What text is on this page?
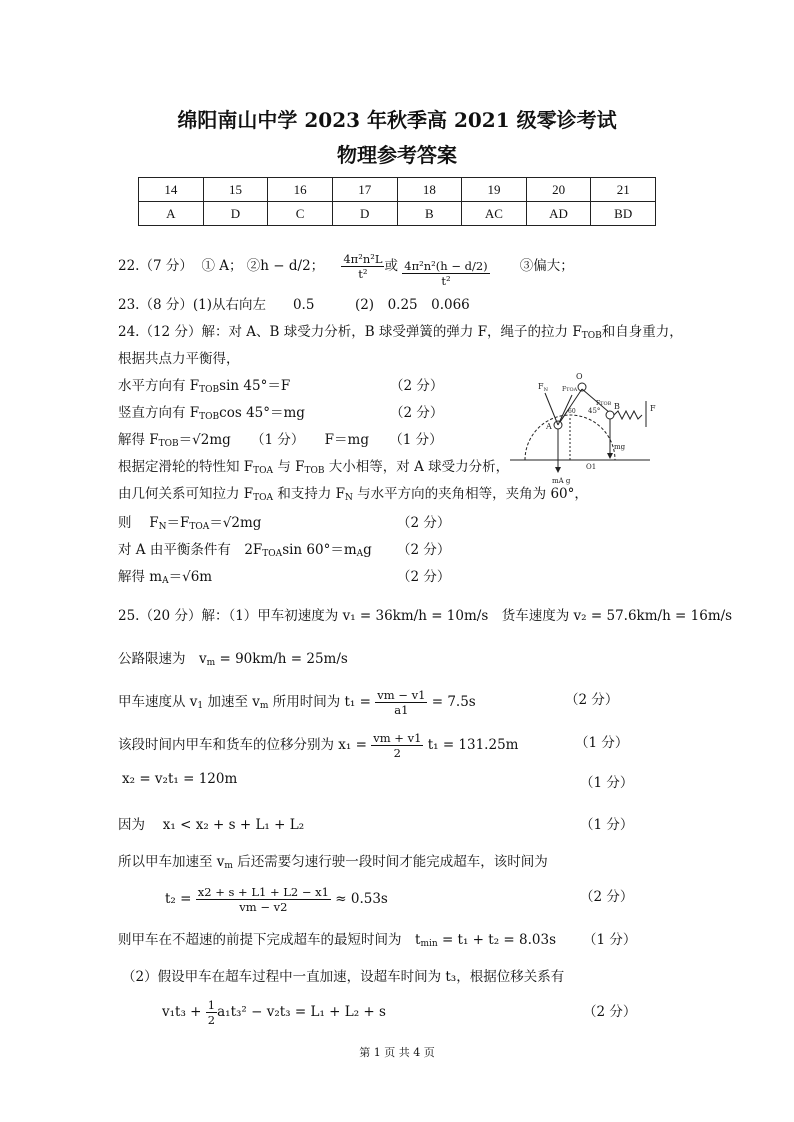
绵阳南山中学 2023 年秋季高 2021 级零诊考试
物理参考答案
14	15	16	17	18	19	20	21
A	D	C	D	B	AC	AD	BD
22.（7 分） ① A； ②h − d/2； $\frac{\text{4π²n²L}}{\text{t²}}$ 或 $\frac{\text{4π²n²(h − d/2)}}{\text{t²}}$ ③偏大；
23.（8 分）(1)从右向左　　0.5　　　(2)　0.25　0.066
24.（12 分）解：对 A、B 球受力分析，B 球受弹簧的弹力 F，绳子的拉力 $F_{TOB}$和自身重力，
根据共点力平衡得，
水平方向有 $F_{TOB}\sin$ 45°＝F	（2 分）
竖直方向有 $F_{TOB}\cos$ 45°＝mg	（2 分）
解得 $F_{TOB}=√2mg$　　（1 分）　　F＝mg　　（1 分）
根据定滑轮的特性知 $F_{TOA}$ 与 $F_{TOB}$ 大小相等，对 A 球受力分析，
由几何关系可知拉力 $F_{TOA}$ 和支持力 $F_N$ 与水平方向的夹角相等，夹角为 60°，
则　 $F_N=F_{TOA}=√2mg$	（2 分）
对 A 由平衡条件有　$2F_{TOA}\sin$ $60^\circ=m_Ag$ （2 分）
解得 $m_A=√6m$	（2 分）
O
$F_N$ FTOA
FTOB
A
60 45° B	F
O1
mg
mA g
25.（20 分）解：（1）甲车初速度为 v₁ = 36km/h = 10m/s　货车速度为 v₂ = 57.6km/h = 16m/s
公路限速为　$v_m = 90km/h = 25m/s$
甲车速度从 $v_1$ 加速至 $v_m$ 所用时间为 $t_1 = \frac{vm - v1}{a1} = 7.5s$	（2 分）
该段时间内甲车和货车的位移分别为 $x_1 = \frac{vm + v1}{2} t_1 = 131.25m$	（1 分）
x₂ = v₂t₁ = 120m	（1 分）
因为　 x₁ < x₂ + s + L₁ + L₂	（1 分）
所以甲车加速至 $v_m$ 后还需要匀速行驶一段时间才能完成超车，该时间为
$t_2 = \frac{x2 + s + L1 + L2 - x1}{vm - v2} \approx 0.53s$	（2 分）
则甲车在不超速的前提下完成超车的最短时间为　$t_{min} = t_1 + t_2 = 8.03s$ （1 分）
（2）假设甲车在超车过程中一直加速，设超车时间为 t₃，根据位移关系有
$v_1t_3 + \frac{1}{2} a_1t_3^2 - v_2t_3 = L_1 + L_2 + s$	（2 分）
第 1 页 共 4 页
